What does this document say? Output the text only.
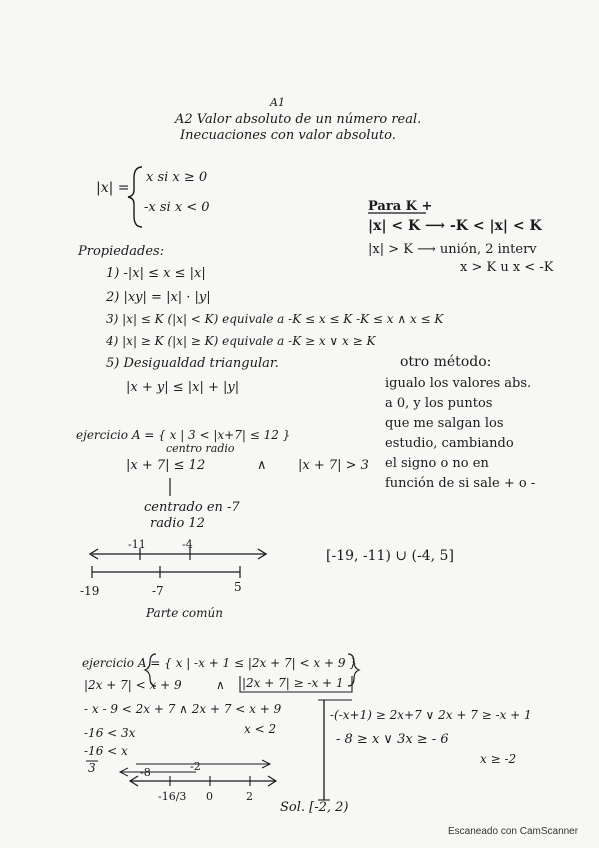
A1
A2 Valor absoluto de un número real.
Inecuaciones con valor absoluto.
|x| =
x si x ≥ 0
-x si x < 0	Para K +
|x| < K ⟶ -K < |x| < K
|x| > K ⟶ unión, 2 interv
x > K u x < -K
Propiedades:
1) -|x| ≤ x ≤ |x|
2) |xy| = |x| · |y|
3) |x| ≤ K (|x| < K) equivale a -K ≤ x ≤ K -K ≤ x ∧ x ≤ K
4) |x| ≥ K (|x| ≥ K) equivale a -K ≥ x ∨ x ≥ K
5) Desigualdad triangular.
|x + y| ≤ |x| + |y|
otro método:
igualo los valores abs.
a 0, y los puntos
que me salgan los
estudio, cambiando
el signo o no en
función de si sale + o -
ejercicio A = { x | 3 < |x+7| ≤ 12 }
centro radio
|x + 7| ≤ 12	∧ |x + 7| > 3
centrado en -7
radio 12
-11	-4
-19	-7	5
[-19, -11) ∪ (-4, 5]
Parte común
ejercicio A = { x | -x + 1 ≤ |2x + 7| < x + 9 }
|2x + 7| < x + 9	∧ |2x + 7| ≥ -x + 1
- x - 9 < 2x + 7 ∧ 2x + 7 < x + 9
-16 < 3x	x < 2
-16 < x
3
-(-x+1) ≥ 2x+7 ∨ 2x + 7 ≥ -x + 1
- 8 ≥ x ∨ 3x ≥ - 6
x ≥ -2
-8	-2
-16/3 0	2
Sol. [-2, 2)
Escaneado con CamScanner
